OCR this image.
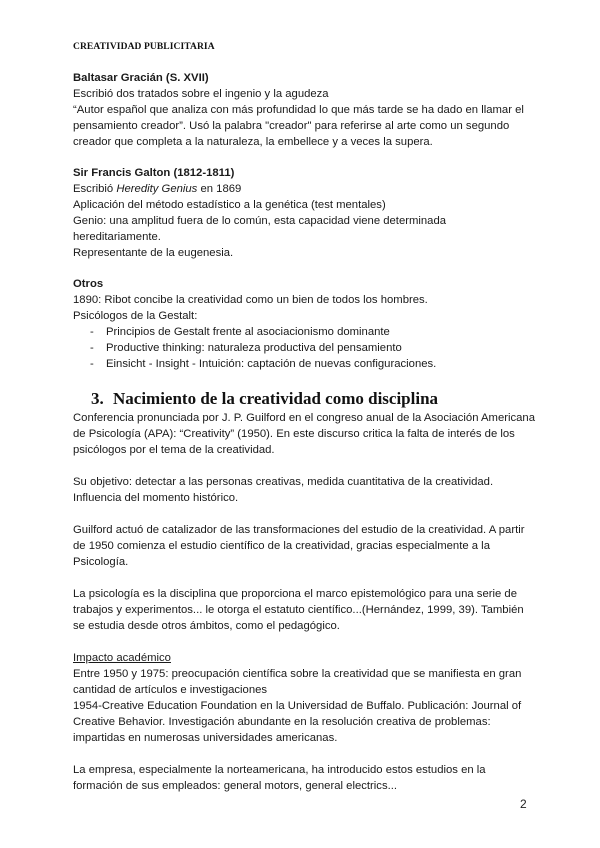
CREATIVIDAD PUBLICITARIA

Baltasar Gracián (S. XVII)

Escribió dos tratados sobre el ingenio y la agudeza

“Autor español que analiza con más profundidad lo que más tarde se ha dado en llamar el

pensamiento creador”. Usó la palabra "creador" para referirse al arte como un segundo

creador que completa a la naturaleza, la embellece y a veces la supera.

Sir Francis Galton (1812-1811)

Escribió Heredity Genius en 1869

Aplicación del método estadístico a la genética (test mentales)

Genio: una amplitud fuera de lo común, esta capacidad viene determinada

hereditariamente.

Representante de la eugenesia.

Otros

1890: Ribot concibe la creatividad como un bien de todos los hombres.

Psicólogos de la Gestalt:

- Principios de Gestalt frente al asociacionismo dominante
- Productive thinking: naturaleza productiva del pensamiento
- Einsicht - Insight - Intuición: captación de nuevas configuraciones.
3. Nacimiento de la creatividad como disciplina

Conferencia pronunciada por J. P. Guilford en el congreso anual de la Asociación Americana

de Psicología (APA): “Creativity” (1950). En este discurso critica la falta de interés de los

psicólogos por el tema de la creatividad.

Su objetivo: detectar a las personas creativas, medida cuantitativa de la creatividad.

Influencia del momento histórico.

Guilford actuó de catalizador de las transformaciones del estudio de la creatividad. A partir

de 1950 comienza el estudio científico de la creatividad, gracias especialmente a la

Psicología.

La psicología es la disciplina que proporciona el marco epistemológico para una serie de

trabajos y experimentos... le otorga el estatuto científico...(Hernández, 1999, 39). También

se estudia desde otros ámbitos, como el pedagógico.

Impacto académico

Entre 1950 y 1975: preocupación científica sobre la creatividad que se manifiesta en gran

cantidad de artículos e investigaciones

1954-Creative Education Foundation en la Universidad de Buffalo. Publicación: Journal of

Creative Behavior. Investigación abundante en la resolución creativa de problemas:

impartidas en numerosas universidades americanas.

La empresa, especialmente la norteamericana, ha introducido estos estudios en la

formación de sus empleados: general motors, general electrics...

2
